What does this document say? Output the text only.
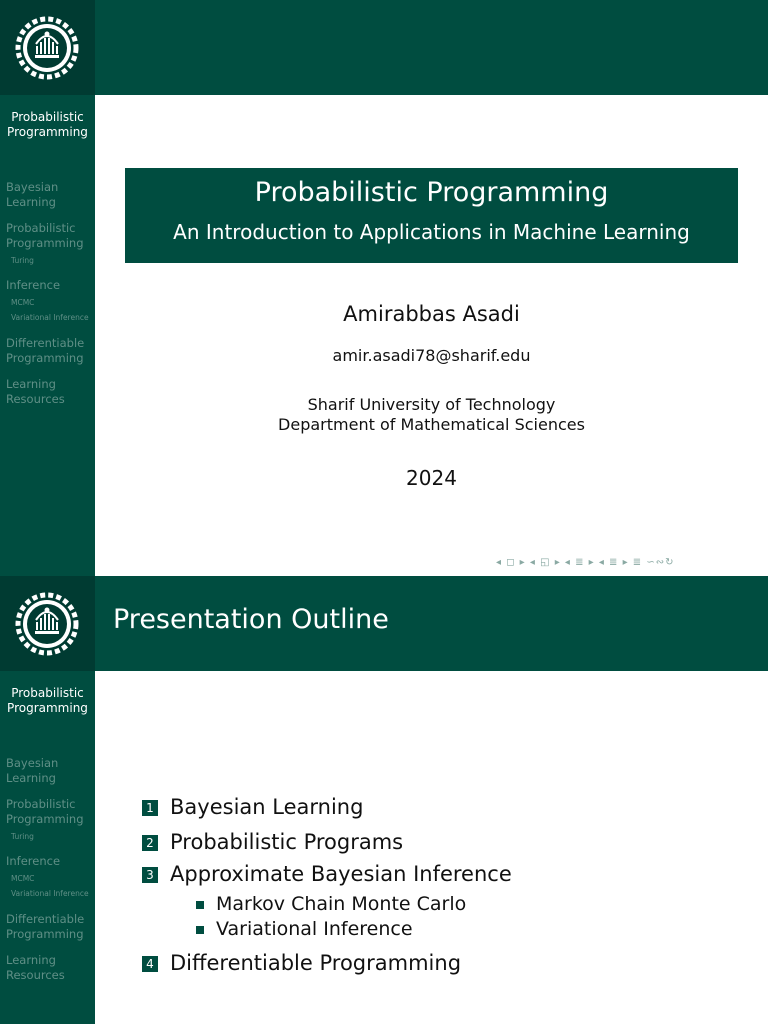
Probabilistic
Programming
Bayesian
Learning
Probabilistic
Programming
Turing
Inference
MCMC
Variational Inference
Differentiable
Programming
Learning
Resources
Probabilistic Programming
An Introduction to Applications in Machine Learning
Amirabbas Asadi
amir.asadi78@sharif.edu
Sharif University of Technology
Department of Mathematical Sciences
2024
◂ ◻ ▸ ◂ ◱ ▸ ◂ ≣ ▸ ◂ ≣ ▸ ≣ ∽∾↻
Probabilistic
Programming
Bayesian
Learning
Probabilistic
Programming
Turing
Inference
MCMC
Variational Inference
Differentiable
Programming
Learning
Resources
Presentation Outline
1 Bayesian Learning
2 Probabilistic Programs
3 Approximate Bayesian Inference
Markov Chain Monte Carlo
Variational Inference
4 Differentiable Programming
